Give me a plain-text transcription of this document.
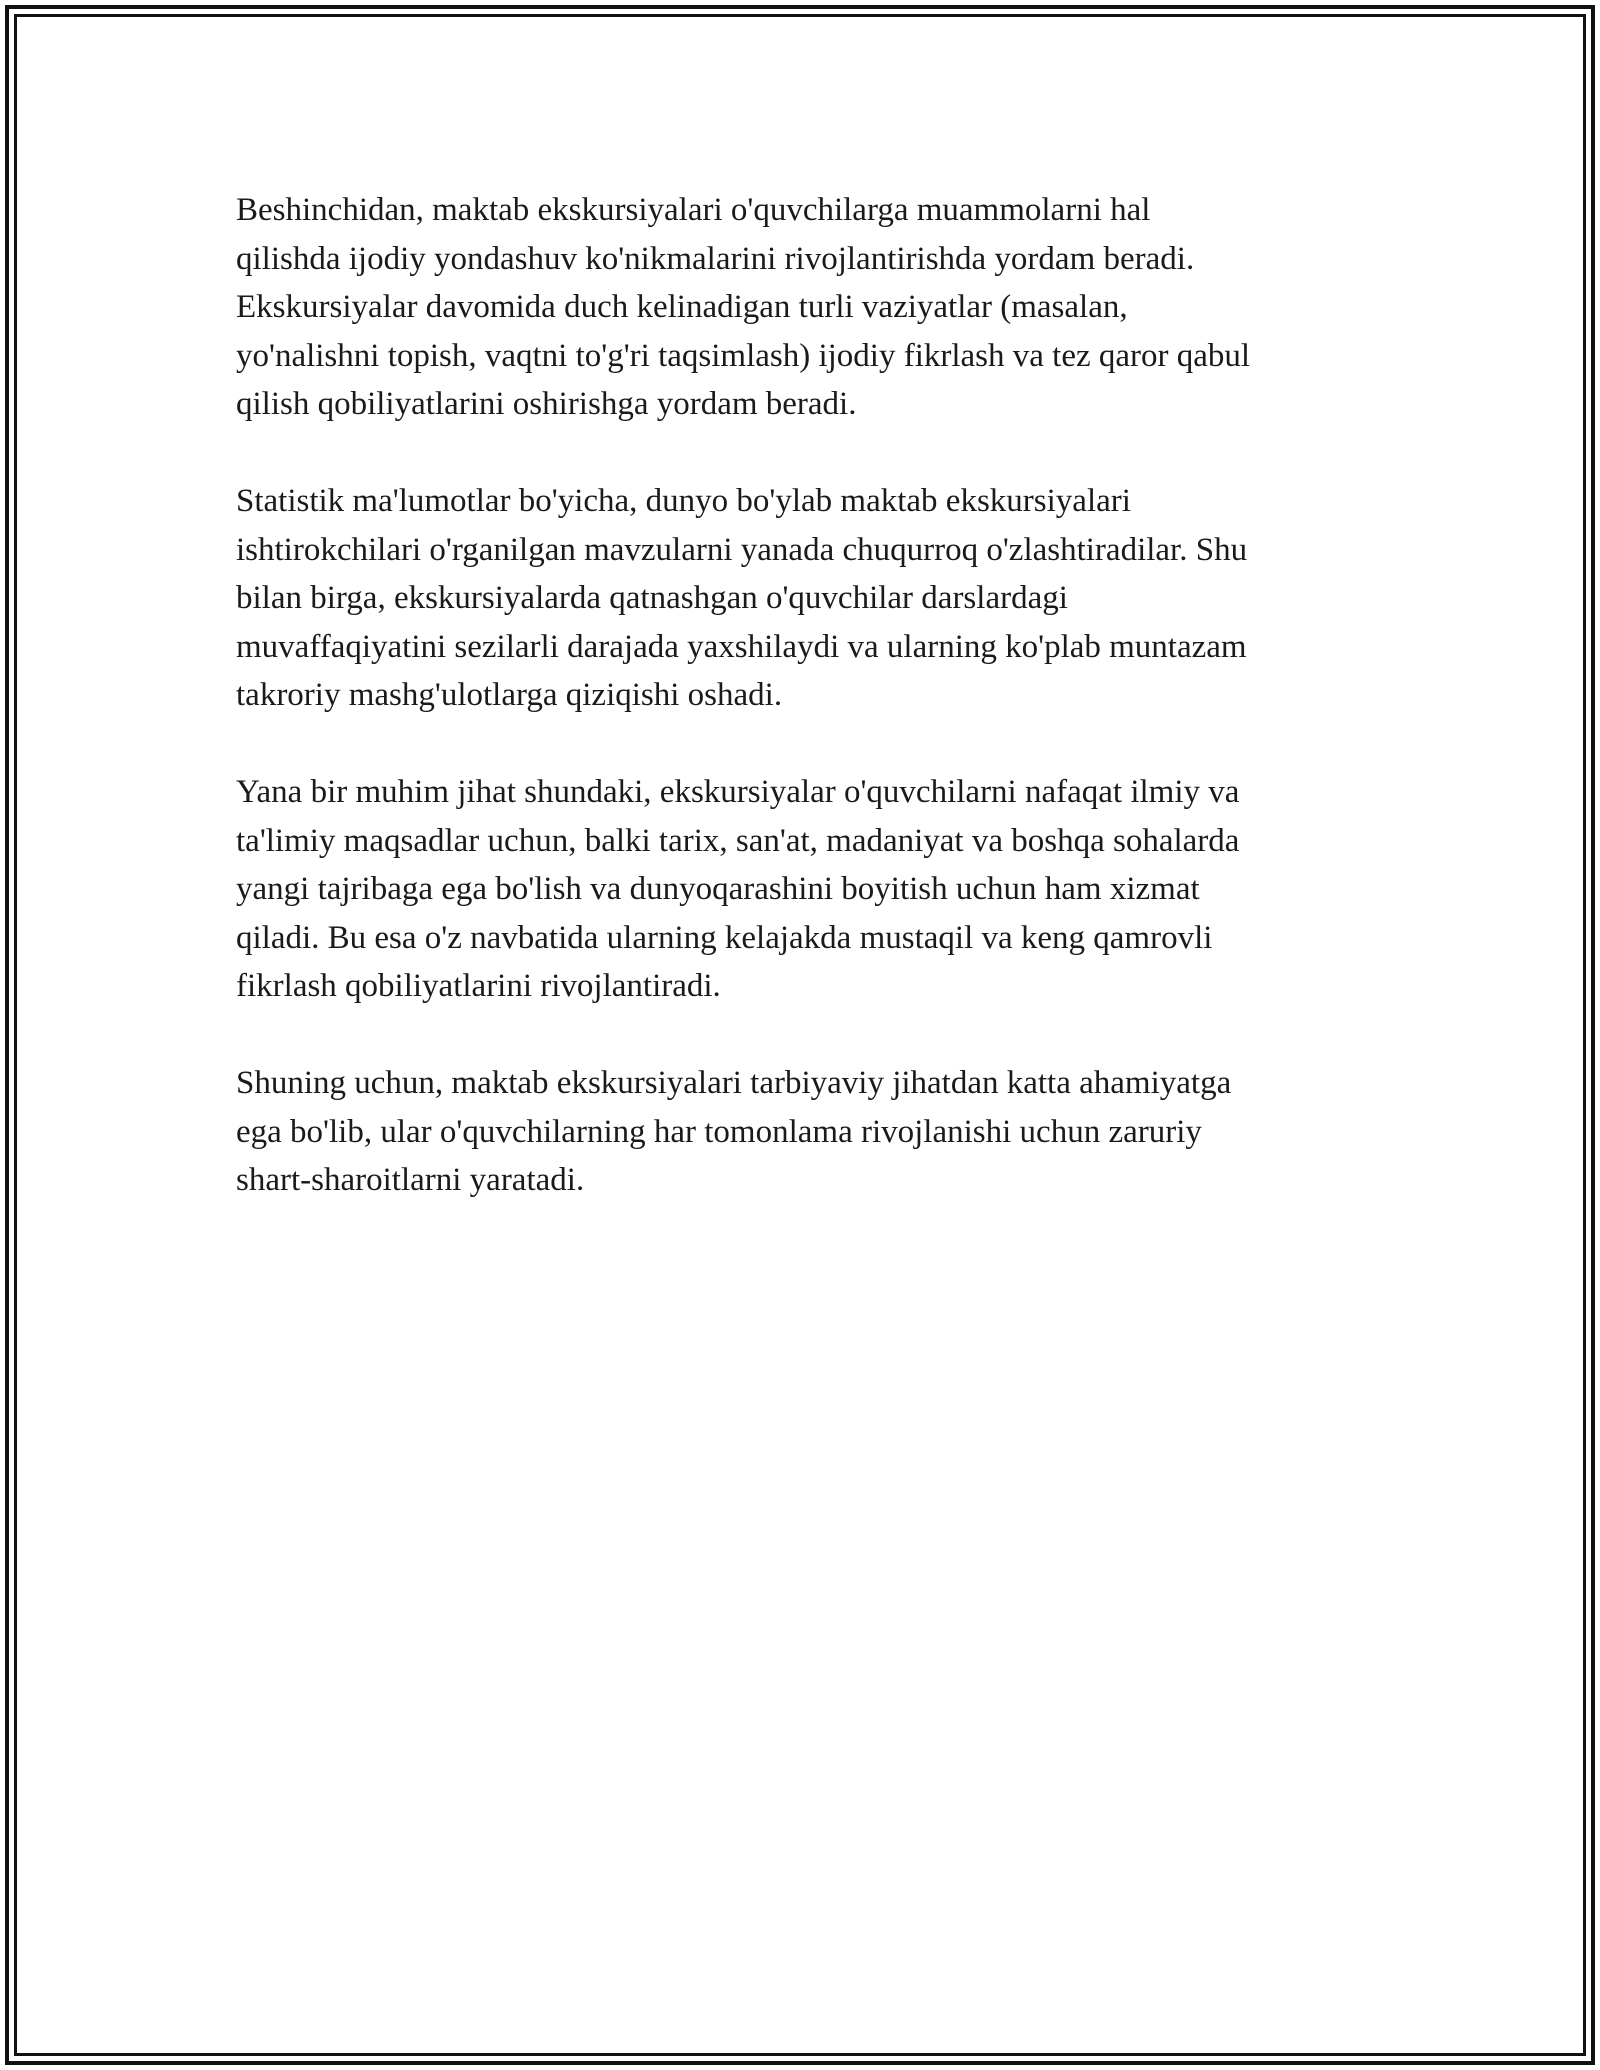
Beshinchidan, maktab ekskursiyalari o'quvchilarga muammolarni hal
qilishda ijodiy yondashuv ko'nikmalarini rivojlantirishda yordam beradi.
Ekskursiyalar davomida duch kelinadigan turli vaziyatlar (masalan,
yo'nalishni topish, vaqtni to'g'ri taqsimlash) ijodiy fikrlash va tez qaror qabul
qilish qobiliyatlarini oshirishga yordam beradi.

Statistik ma'lumotlar bo'yicha, dunyo bo'ylab maktab ekskursiyalari
ishtirokchilari o'rganilgan mavzularni yanada chuqurroq o'zlashtiradilar. Shu
bilan birga, ekskursiyalarda qatnashgan o'quvchilar darslardagi
muvaffaqiyatini sezilarli darajada yaxshilaydi va ularning ko'plab muntazam
takroriy mashg'ulotlarga qiziqishi oshadi.

Yana bir muhim jihat shundaki, ekskursiyalar o'quvchilarni nafaqat ilmiy va
ta'limiy maqsadlar uchun, balki tarix, san'at, madaniyat va boshqa sohalarda
yangi tajribaga ega bo'lish va dunyoqarashini boyitish uchun ham xizmat
qiladi. Bu esa o'z navbatida ularning kelajakda mustaqil va keng qamrovli
fikrlash qobiliyatlarini rivojlantiradi.

Shuning uchun, maktab ekskursiyalari tarbiyaviy jihatdan katta ahamiyatga
ega bo'lib, ular o'quvchilarning har tomonlama rivojlanishi uchun zaruriy
shart-sharoitlarni yaratadi.
